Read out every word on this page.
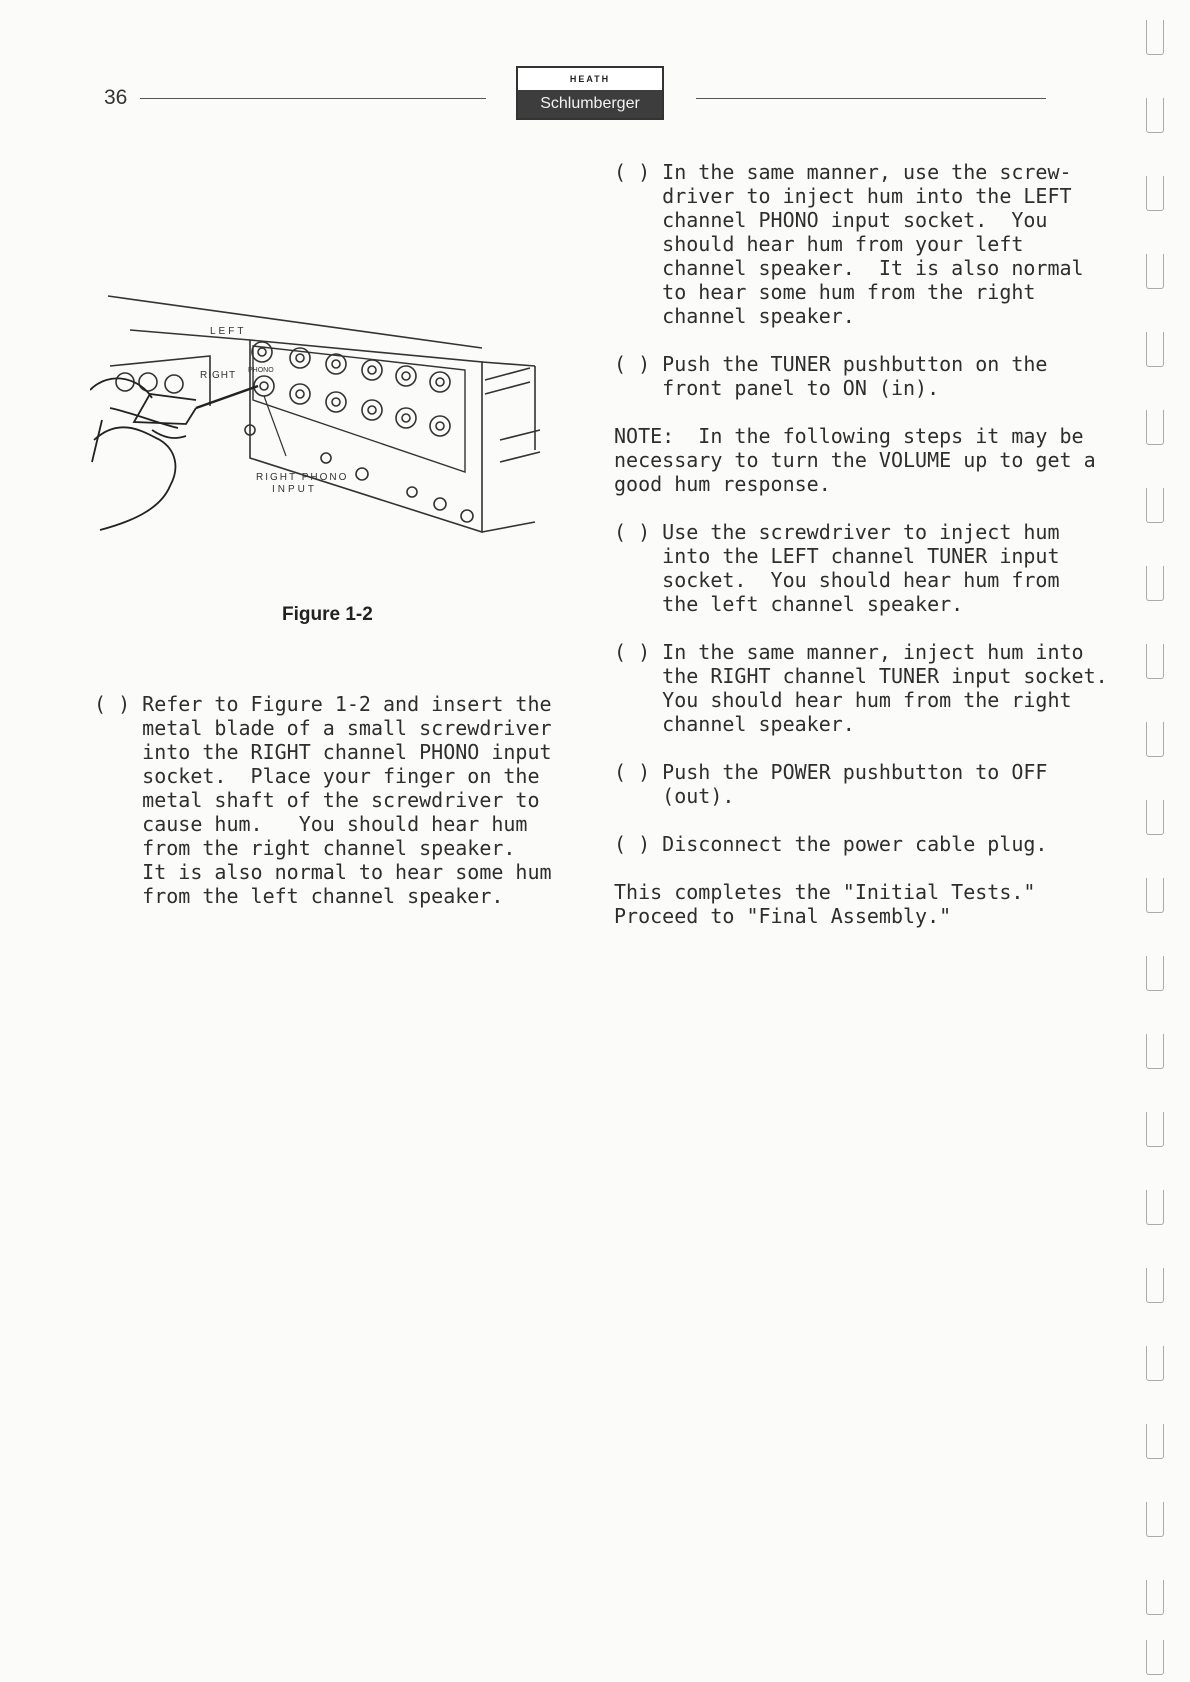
36
HEATH
Schlumberger
LEFT
RIGHT PHONO
RIGHT PHONO
INPUT
Figure 1-2
( ) Refer to Figure 1-2 and insert the
metal blade of a small screwdriver
into the RIGHT channel PHONO input
socket.  Place your finger on the
metal shaft of the screwdriver to
cause hum.   You should hear hum
from the right channel speaker.
It is also normal to hear some hum
from the left channel speaker.
( ) In the same manner, use the screw-
driver to inject hum into the LEFT
channel PHONO input socket.  You
should hear hum from your left
channel speaker.  It is also normal
to hear some hum from the right
channel speaker.
( ) Push the TUNER pushbutton on the
front panel to ON (in).
NOTE:  In the following steps it may be
necessary to turn the VOLUME up to get a
good hum response.
( ) Use the screwdriver to inject hum
into the LEFT channel TUNER input
socket.  You should hear hum from
the left channel speaker.
( ) In the same manner, inject hum into
the RIGHT channel TUNER input socket.
You should hear hum from the right
channel speaker.
( ) Push the POWER pushbutton to OFF
(out).
( ) Disconnect the power cable plug.
This completes the "Initial Tests."
Proceed to "Final Assembly."
